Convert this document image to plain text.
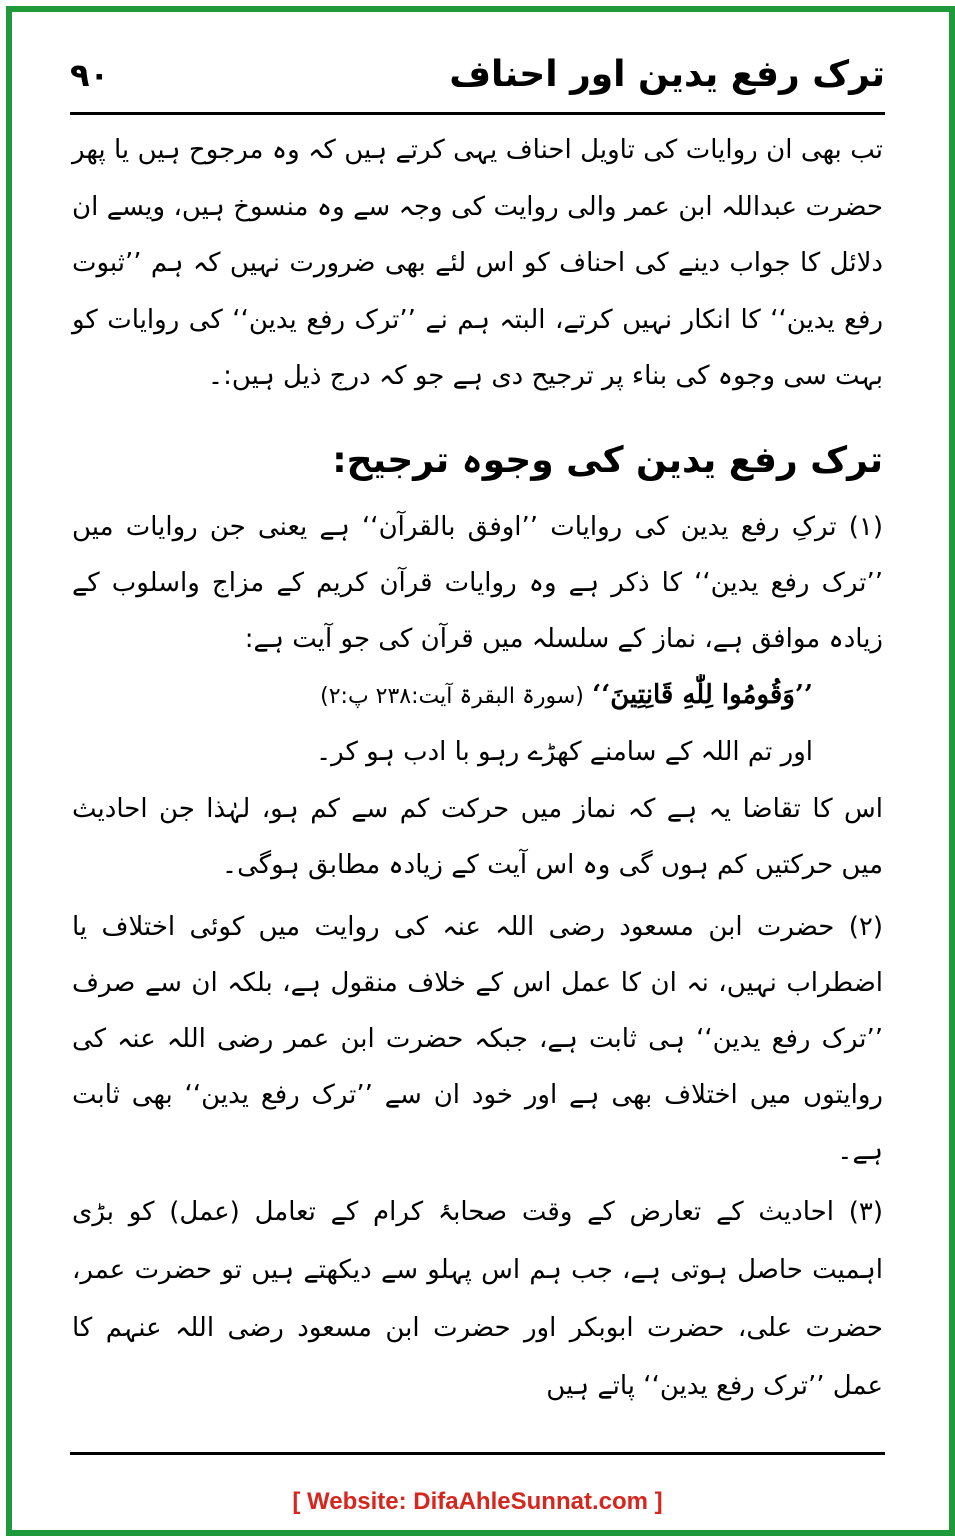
ترک رفع یدین اور احناف
۹۰

تب بھی ان روایات کی تاویل احناف یہی کرتے ہیں کہ وہ مرجوح ہیں یا پھر حضرت عبداللہ ابن عمر والی روایت کی وجہ سے وہ منسوخ ہیں، ویسے ان دلائل کا جواب دینے کی احناف کو اس لئے بھی ضرورت نہیں کہ ہم ’’ثبوت رفع یدین‘‘ کا انکار نہیں کرتے، البتہ ہم نے ’’ترک رفع یدین‘‘ کی روایات کو بہت سی وجوہ کی بناء پر ترجیح دی ہے جو کہ درج ذیل ہیں:۔

ترک رفع یدین کی وجوہ ترجیح:

(۱) ترکِ رفع یدین کی روایات ’’اوفق بالقرآن‘‘ ہے یعنی جن روایات میں ’’ترک رفع یدین‘‘ کا ذکر ہے وہ روایات قرآن کریم کے مزاج واسلوب کے زیادہ موافق ہے، نماز کے سلسلہ میں قرآن کی جو آیت ہے:

’’وَقُومُوا لِلّٰهِ قَانِتِينَ‘‘ (سورۃ البقرۃ آیت:۲۳۸ پ:۲)

اور تم اللہ کے سامنے کھڑے رہو با ادب ہو کر۔

اس کا تقاضا یہ ہے کہ نماز میں حرکت کم سے کم ہو، لہٰذا جن احادیث میں حرکتیں کم ہوں گی وہ اس آیت کے زیادہ مطابق ہوگی۔

(۲) حضرت ابن مسعود رضی اللہ عنہ کی روایت میں کوئی اختلاف یا اضطراب نہیں، نہ ان کا عمل اس کے خلاف منقول ہے، بلکہ ان سے صرف ’’ترک رفع یدین‘‘ ہی ثابت ہے، جبکہ حضرت ابن عمر رضی اللہ عنہ کی روایتوں میں اختلاف بھی ہے اور خود ان سے ’’ترک رفع یدین‘‘ بھی ثابت ہے۔

(۳) احادیث کے تعارض کے وقت صحابۂ کرام کے تعامل (عمل) کو بڑی اہمیت حاصل ہوتی ہے، جب ہم اس پہلو سے دیکھتے ہیں تو حضرت عمر، حضرت علی، حضرت ابوبکر اور حضرت ابن مسعود رضی اللہ عنہم کا عمل ’’ترک رفع یدین‘‘ پاتے ہیں

[ Website: DifaAhleSunnat.com ]
